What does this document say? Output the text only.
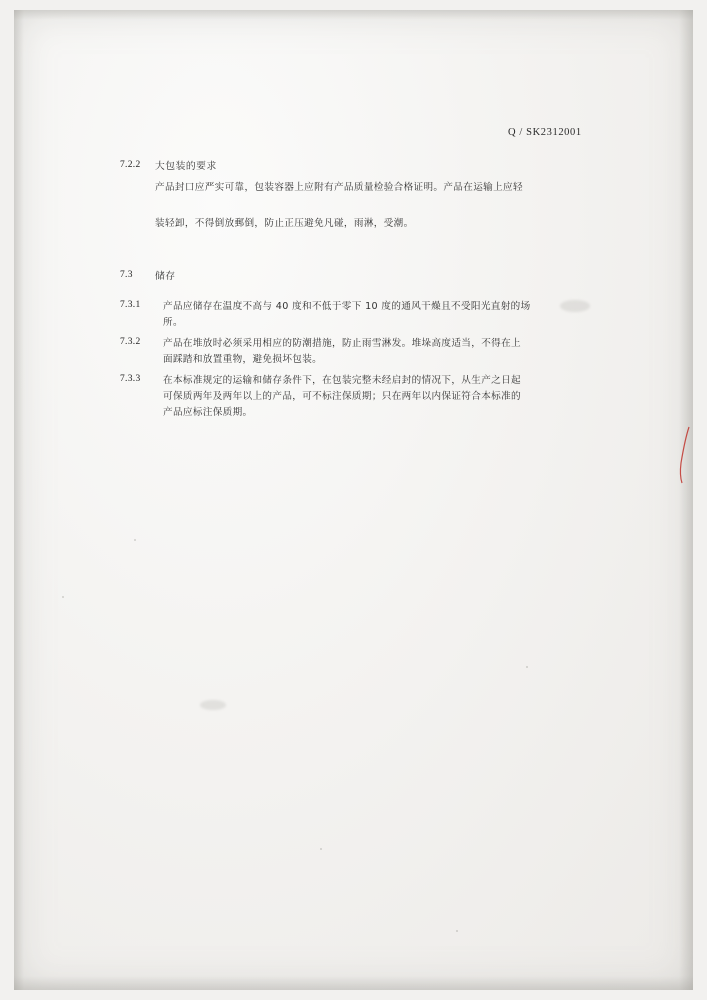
Q / SK2312001
7.2.2 大包装的要求
产品封口应严实可靠，包装容器上应附有产品质量检验合格证明。产品在运输上应轻
装轻卸，不得倒放郵倒，防止正压避免凡碰，雨淋，受潮。
7.3 储存
7.3.1 产品应储存在温度不高与 40 度和不低于零下 10 度的通风干燥且不受阳光直射的场
所。
7.3.2 产品在堆放时必须采用相应的防潮措施，防止雨雪淋发。堆垛高度适当，不得在上
面踩踏和放置重物，避免损坏包装。
7.3.3 在本标准规定的运输和储存条件下，在包装完整未经启封的情况下，从生产之日起
可保质两年及两年以上的产品，可不标注保质期；只在两年以内保证符合本标准的
产品应标注保质期。
